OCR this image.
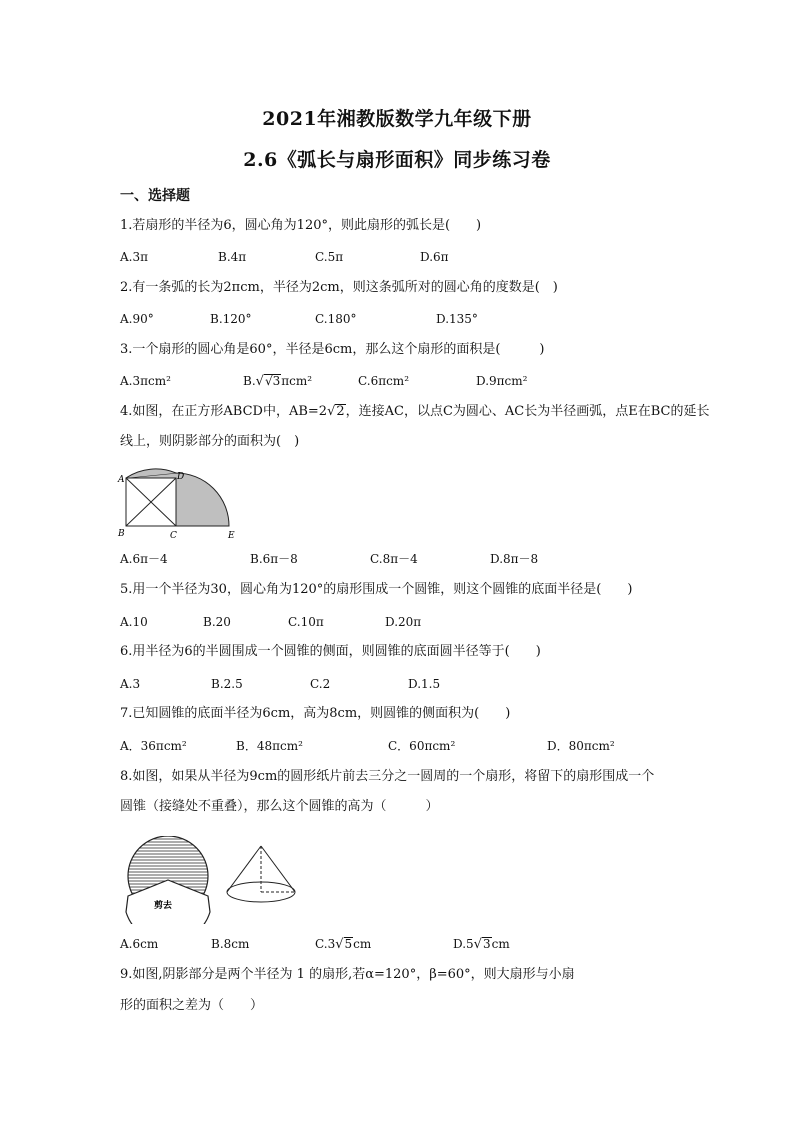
2021年湘教版数学九年级下册
2.6《弧长与扇形面积》同步练习卷
一、选择题
1.若扇形的半径为6，圆心角为120°，则此扇形的弧长是(　　)
A.3π	B.4π	C.5π	D.6π
2.有一条弧的长为2πcm，半径为2cm，则这条弧所对的圆心角的度数是(　)
A.90°	B.120°	C.180°	D.135°
3.一个扇形的圆心角是60°，半径是6cm，那么这个扇形的面积是(　　　)
A.3πcm²	B.√√3πcm²	C.6πcm²	D.9πcm²
4.如图，在正方形ABCD中，AB=2√2，连接AC，以点C为圆心、AC长为半径画弧，点E在BC的延长
线上，则阴影部分的面积为(　)
A	D
B	C	E
A.6π－4	B.6π－8	C.8π－4	D.8π－8
5.用一个半径为30，圆心角为120°的扇形围成一个圆锥，则这个圆锥的底面半径是(　　)
A.10	B.20	C.10π	D.20π
6.用半径为6的半圆围成一个圆锥的侧面，则圆锥的底面圆半径等于(　　)
A.3	B.2.5	C.2	D.1.5
7.已知圆锥的底面半径为6cm，高为8cm，则圆锥的侧面积为(　　)
A．36πcm²	B．48πcm²	C．60πcm²	D．80πcm²
8.如图，如果从半径为9cm的圆形纸片前去三分之一圆周的一个扇形，将留下的扇形围成一个
圆锥（接缝处不重叠），那么这个圆锥的高为（　　　）
剪去
A.6cm	B.8cm	C.3√5cm	D.5√3cm
9.如图,阴影部分是两个半径为 1 的扇形,若α=120°，β=60°，则大扇形与小扇
形的面积之差为（　　）
